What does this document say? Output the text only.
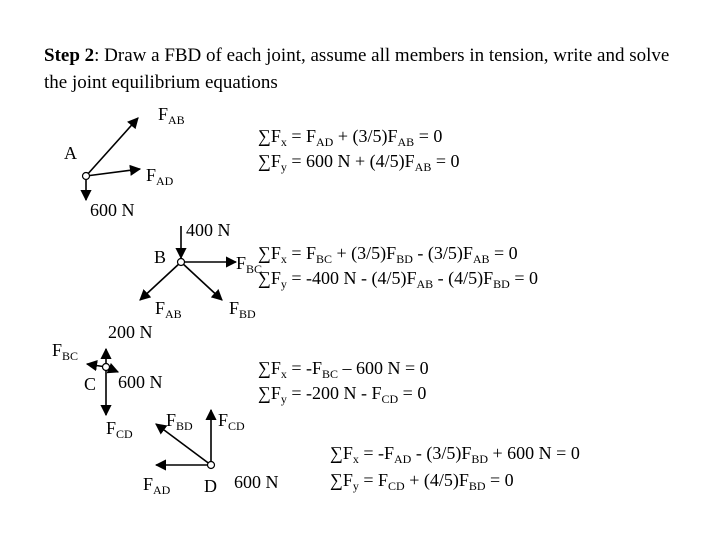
Step 2: Draw a FBD of each joint, assume all members in tension, write and solve the joint equilibrium equations
$F_{AB}$
A
$F_{AD}$
600 N
$\sum F_x = F_{AD} + (3/5)F_{AB} = 0$
$\sum F_y = 600$ $N + (4/5)F_{AB} = 0$
400 N
B	$F_{BC}$
$F_{AB}$	$F_{BD}$
$\sum F_x = F_{BC} + (3/5)F_{BD} - (3/5)F_{AB} = 0$
$\sum F_y = -400$ $N - (4/5)F_{AB} - (4/5)F_{BD} = 0$
200 N
$F_{BC}$
C 600 N
$F_{CD}$
$\sum F_x = -F_{BC} - 600$ N = 0
$\sum F_y = -200$ $N - F_{CD} = 0$
$F_{BD}$ $F_{CD}$
$F_{AD}$ D 600 N
$\sum F_x = -F_{AD} - (3/5)F_{BD} + 600$ N = 0
$\sum F_y = F_{CD} + (4/5)F_{BD} = 0$
